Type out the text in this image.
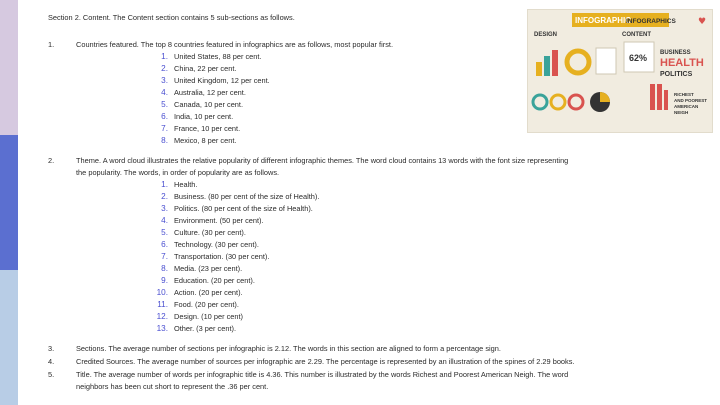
Section 2. Content. The Content section contains 5 sub-sections as follows.
1.	Countries featured. The top 8 countries featured in infographics are as follows, most popular first.
1. United States, 88 per cent.
2. China, 22 per cent.
3. United Kingdom, 12 per cent.
4. Australia, 12 per cent.
5. Canada, 10 per cent.
6. India, 10 per cent.
7. France, 10 per cent.
8. Mexico, 8 per cent.
2.	Theme. A word cloud illustrates the relative popularity of different infographic themes. The word cloud contains 13 words with the font size representing
the popularity. The words, in order of popularity are as follows.
1. Health.
2. Business. (80 per cent of the size of Health).
3. Politics. (80 per cent of the size of Health).
4. Environment. (50 per cent).
5. Culture. (30 per cent).
6. Technology. (30 per cent).
7. Transportation. (30 per cent).
8. Media. (23 per cent).
9. Education. (20 per cent).
10. Action. (20 per cent).
11. Food. (20 per cent).
12. Design. (10 per cent)
13. Other. (3 per cent).
3.	Sections. The average number of sections per infographic is 2.12. The words in this section are aligned to form a percentage sign.
4.	Credited Sources. The average number of sources per infographic are 2.29. The percentage is represented by an illustration of the spines of 2.29 books.
5.	Title. The average number of words per infographic title is 4.36. This number is illustrated by the words Richest and Poorest American Neigh. The word
neighbors has been cut short to represent the .36 per cent.
INFOGRAPHIC
INFOGRAPHICS ♥
DESIGN	CONTENT
62% BUSINESS
HEALTH
POLITICS
RICHEST
AND POOREST
AMERICAN
NEIGH
